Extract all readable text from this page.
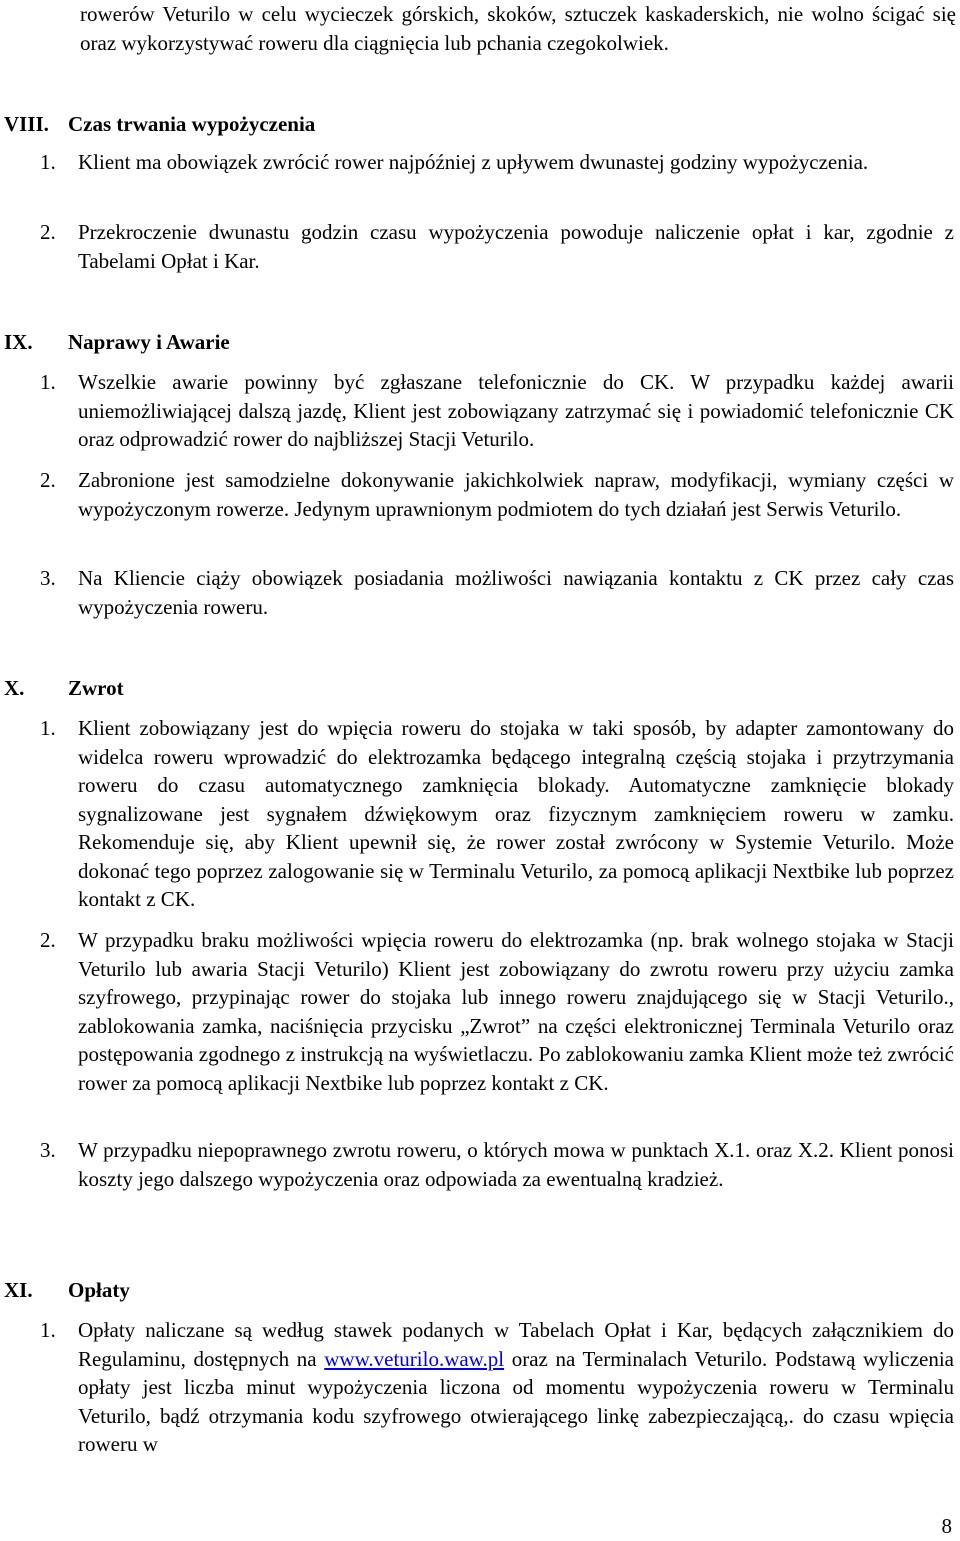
rowerów Veturilo w celu wycieczek górskich, skoków, sztuczek kaskaderskich, nie wolno ścigać się oraz wykorzystywać roweru dla ciągnięcia lub pchania czegokolwiek.

VIII. Czas trwania wypożyczenia
1.	Klient ma obowiązek zwrócić rower najpóźniej z upływem dwunastej godziny wypożyczenia.
2.	Przekroczenie dwunastu godzin czasu wypożyczenia powoduje naliczenie opłat i kar, zgodnie z Tabelami Opłat i Kar.
IX.	Naprawy i Awarie
1.	Wszelkie awarie powinny być zgłaszane telefonicznie do CK. W przypadku każdej awarii uniemożliwiającej dalszą jazdę, Klient jest zobowiązany zatrzymać się i powiadomić telefonicznie CK oraz odprowadzić rower do najbliższej Stacji Veturilo.
2.	Zabronione jest samodzielne dokonywanie jakichkolwiek napraw, modyfikacji, wymiany części w wypożyczonym rowerze. Jedynym uprawnionym podmiotem do tych działań jest Serwis Veturilo.
3.	Na Kliencie ciąży obowiązek posiadania możliwości nawiązania kontaktu z CK przez cały czas wypożyczenia roweru.
X.	Zwrot
1.	Klient zobowiązany jest do wpięcia roweru do stojaka w taki sposób, by adapter zamontowany do widelca roweru wprowadzić do elektrozamka będącego integralną częścią stojaka i przytrzymania roweru do czasu automatycznego zamknięcia blokady. Automatyczne zamknięcie blokady sygnalizowane jest sygnałem dźwiękowym oraz fizycznym zamknięciem roweru w zamku. Rekomenduje się, aby Klient upewnił się, że rower został zwrócony w Systemie Veturilo. Może dokonać tego poprzez zalogowanie się w Terminalu Veturilo, za pomocą aplikacji Nextbike lub poprzez kontakt z CK.
2.	W przypadku braku możliwości wpięcia roweru do elektrozamka (np. brak wolnego stojaka w Stacji Veturilo lub awaria Stacji Veturilo) Klient jest zobowiązany do zwrotu roweru przy użyciu zamka szyfrowego, przypinając rower do stojaka lub innego roweru znajdującego się w Stacji Veturilo., zablokowania zamka, naciśnięcia przycisku „Zwrot” na części elektronicznej Terminala Veturilo oraz postępowania zgodnego z instrukcją na wyświetlaczu. Po zablokowaniu zamka Klient może też zwrócić rower za pomocą aplikacji Nextbike lub poprzez kontakt z CK.
3.	W przypadku niepoprawnego zwrotu roweru, o których mowa w punktach X.1. oraz X.2. Klient ponosi koszty jego dalszego wypożyczenia oraz odpowiada za ewentualną kradzież.
XI.	Opłaty
1.	Opłaty naliczane są według stawek podanych w Tabelach Opłat i Kar, będących załącznikiem do Regulaminu, dostępnych na www.veturilo.waw.pl oraz na Terminalach Veturilo. Podstawą wyliczenia opłaty jest liczba minut wypożyczenia liczona od momentu wypożyczenia roweru w Terminalu Veturilo, bądź otrzymania kodu szyfrowego otwierającego linkę zabezpieczającą,. do czasu wpięcia roweru w
8
